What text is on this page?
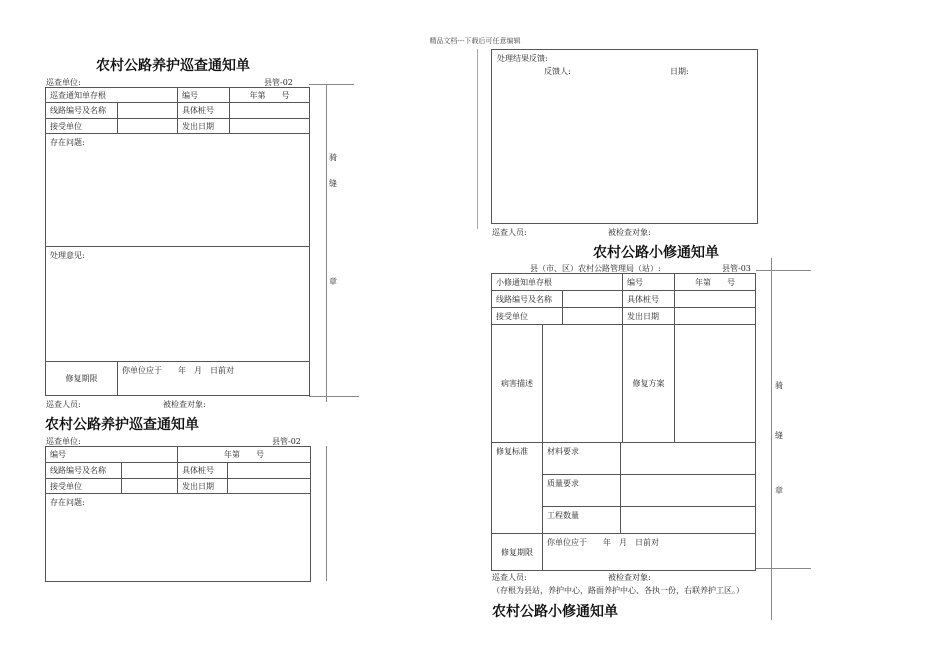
精品文档---下载后可任意编辑
农村公路养护巡查通知单
巡查单位:	县管-02
巡查通知单存根		编号	年第　　号
线路编号及名称		具体桩号	
接受单位		发出日期	
存在问题:			
处理意见:			
修复期限	你单位应于　　年　月　日前对		
巡查人员:	被检查对象:
骑
缝
章
农村公路养护巡查通知单
巡查单位:	县管-02
编号		年第　　号	
线路编号及名称		具体桩号	
接受单位		发出日期	
存在问题:			
处理结果反馈:
反馈人:	日期:
巡查人员:	被检查对象:
农村公路小修通知单
县（市、区）农村公路管理局（站）:	县管-03
小修通知单存根				编号	年第　　号
线路编号及名称				具体桩号	
接受单位				发出日期	
病害描述				修复方案	
修复标准	材料要求				
	质量要求				
	工程数量				
修复期限	你单位应于　　年　月　日前对				
巡查人员:	被检查对象:
（存根为县站，养护中心，路面养护中心、各执一份，右联养护工区。）
骑
缝
章
农村公路小修通知单
